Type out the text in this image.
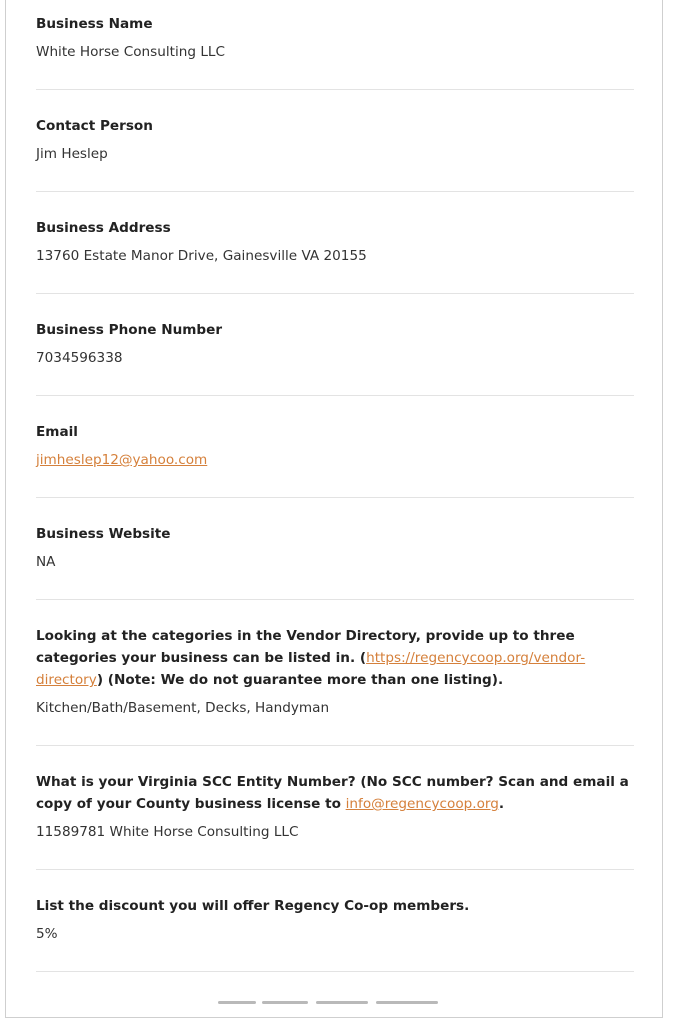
Business Name
White Horse Consulting LLC
Contact Person
Jim Heslep
Business Address
13760 Estate Manor Drive, Gainesville VA 20155
Business Phone Number
7034596338
Email
jimheslep12@yahoo.com
Business Website
NA
Looking at the categories in the Vendor Directory, provide up to three categories your business can be listed in. (https://regencycoop.org/vendor-directory) (Note: We do not guarantee more than one listing).
Kitchen/Bath/Basement, Decks, Handyman
What is your Virginia SCC Entity Number? (No SCC number? Scan and email a copy of your County business license to info@regencycoop.org.
11589781 White Horse Consulting LLC
List the discount you will offer Regency Co-op members.
5%
